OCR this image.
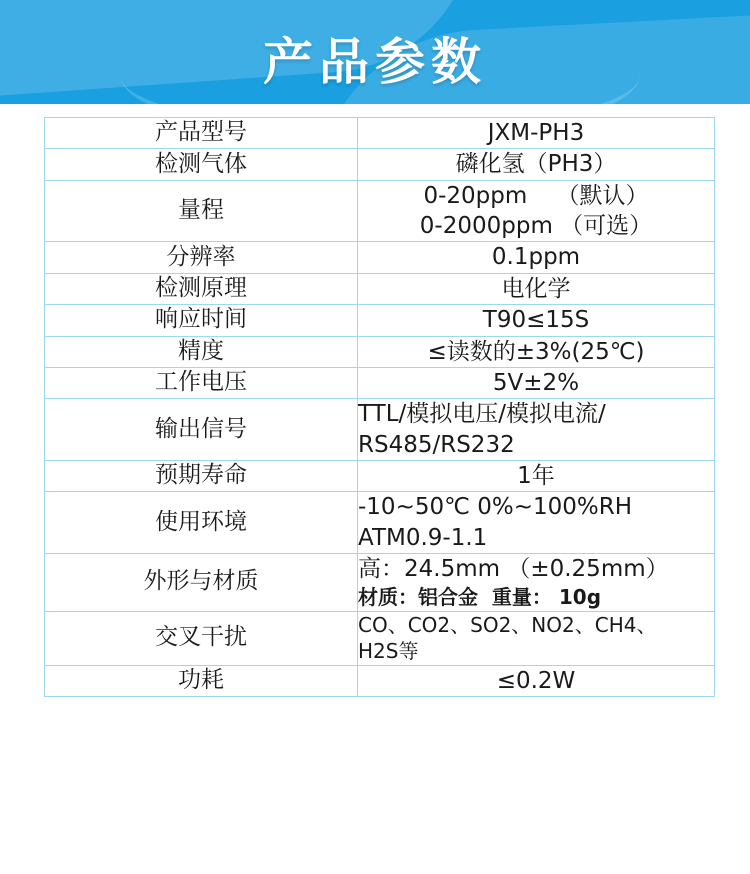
产品参数
产品型号	JXM-PH3

检测气体	磷化氢（PH3）

量程	0-20ppm    （默认）
0-2000ppm （可选）

分辨率	0.1ppm

检测原理	电化学

响应时间	T90≤15S

精度	≤读数的±3%(25℃)

工作电压	5V±2%

输出信号	TTL/模拟电压/模拟电流/
RS485/RS232

预期寿命	1年

使用环境	-10~50℃ 0%~100%RH
ATM0.9-1.1

外形与材质	高：24.5mm （±0.25mm）
材质：铝合金  重量： 10g

交叉干扰	CO、CO2、SO2、NO2、CH4、
H2S等

功耗	≤0.2W
